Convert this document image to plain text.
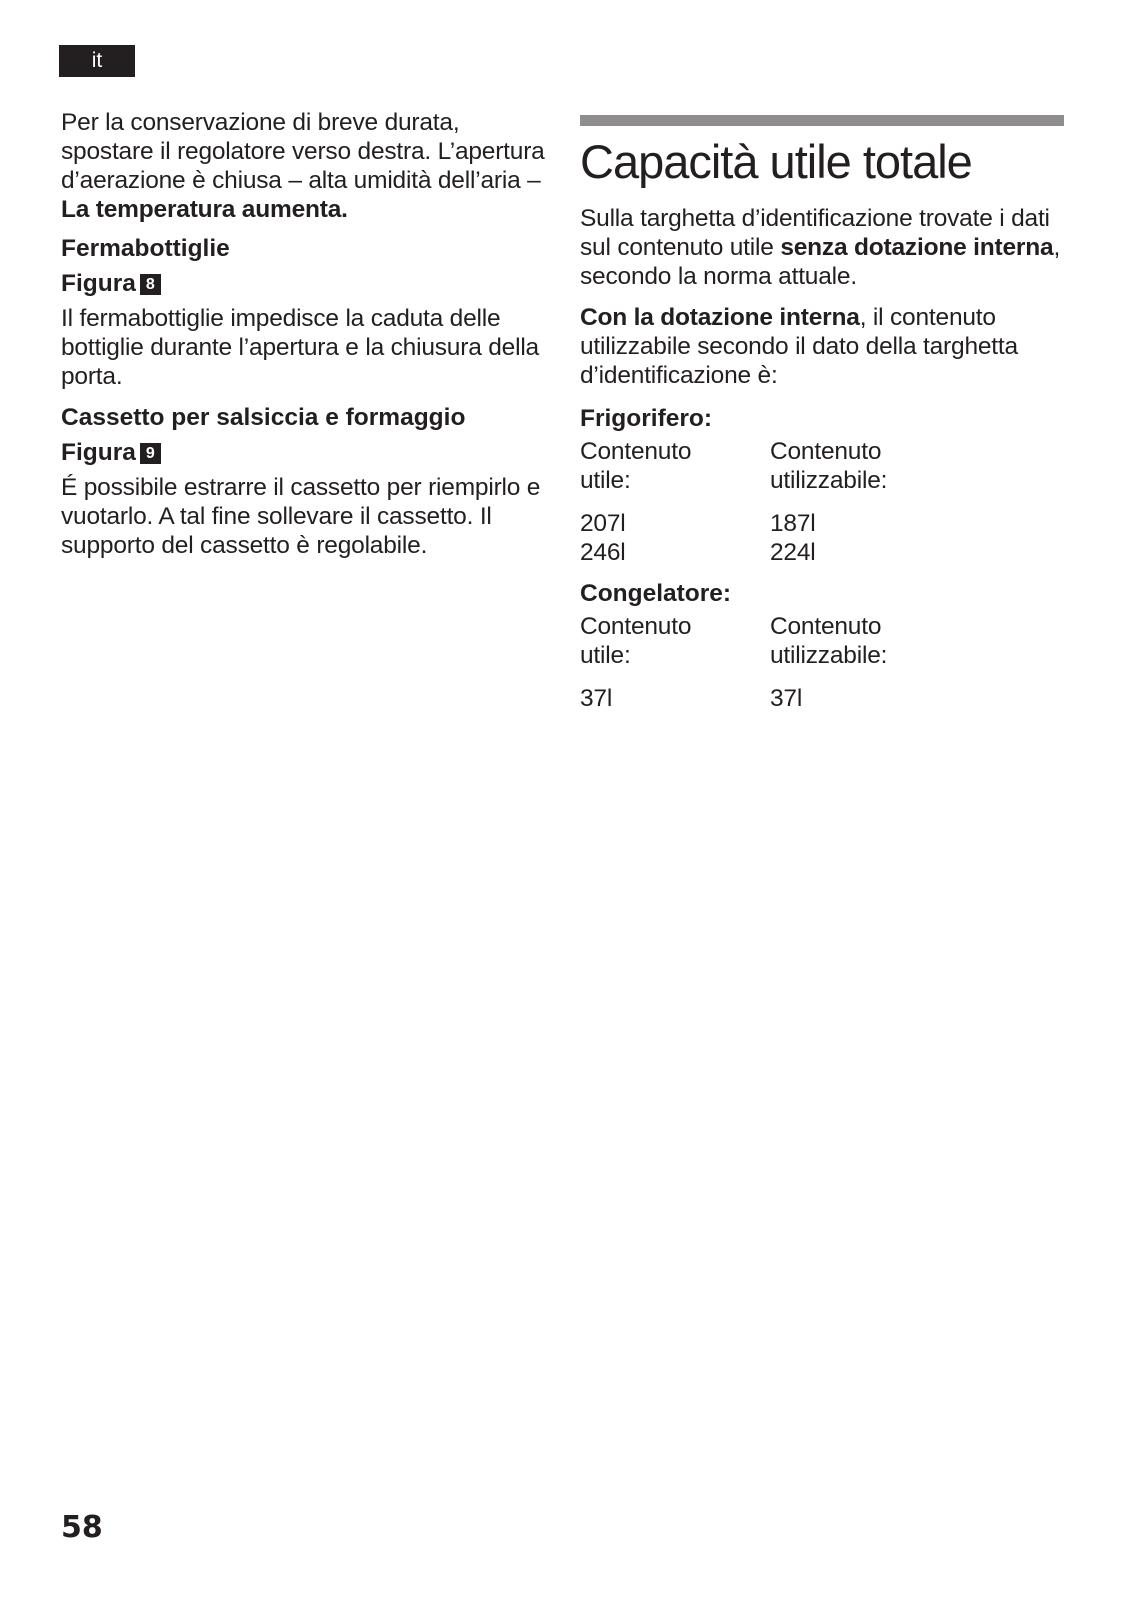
it

Per la conservazione di breve durata, spostare il regolatore verso destra. L’apertura d’aerazione è chiusa – alta umidità dell’aria – La temperatura aumenta.

Fermabottiglie
Figura 8

Il fermabottiglie impedisce la caduta delle bottiglie durante l’apertura e la chiusura della porta.

Cassetto per salsiccia e formaggio
Figura 9

É possibile estrarre il cassetto per riempirlo e vuotarlo. A tal fine sollevare il cassetto. Il supporto del cassetto è regolabile.

Capacità utile totale

Sulla targhetta d’identificazione trovate i dati sul contenuto utile senza dotazione interna, secondo la norma attuale.

Con la dotazione interna, il contenuto utilizzabile secondo il dato della targhetta d’identificazione è:

Frigorifero:
Contenuto	Contenuto
utile:	utilizzabile:
207l	187l
246l	224l
Congelatore:
Contenuto	Contenuto
utile:	utilizzabile:
37l	37l
58
